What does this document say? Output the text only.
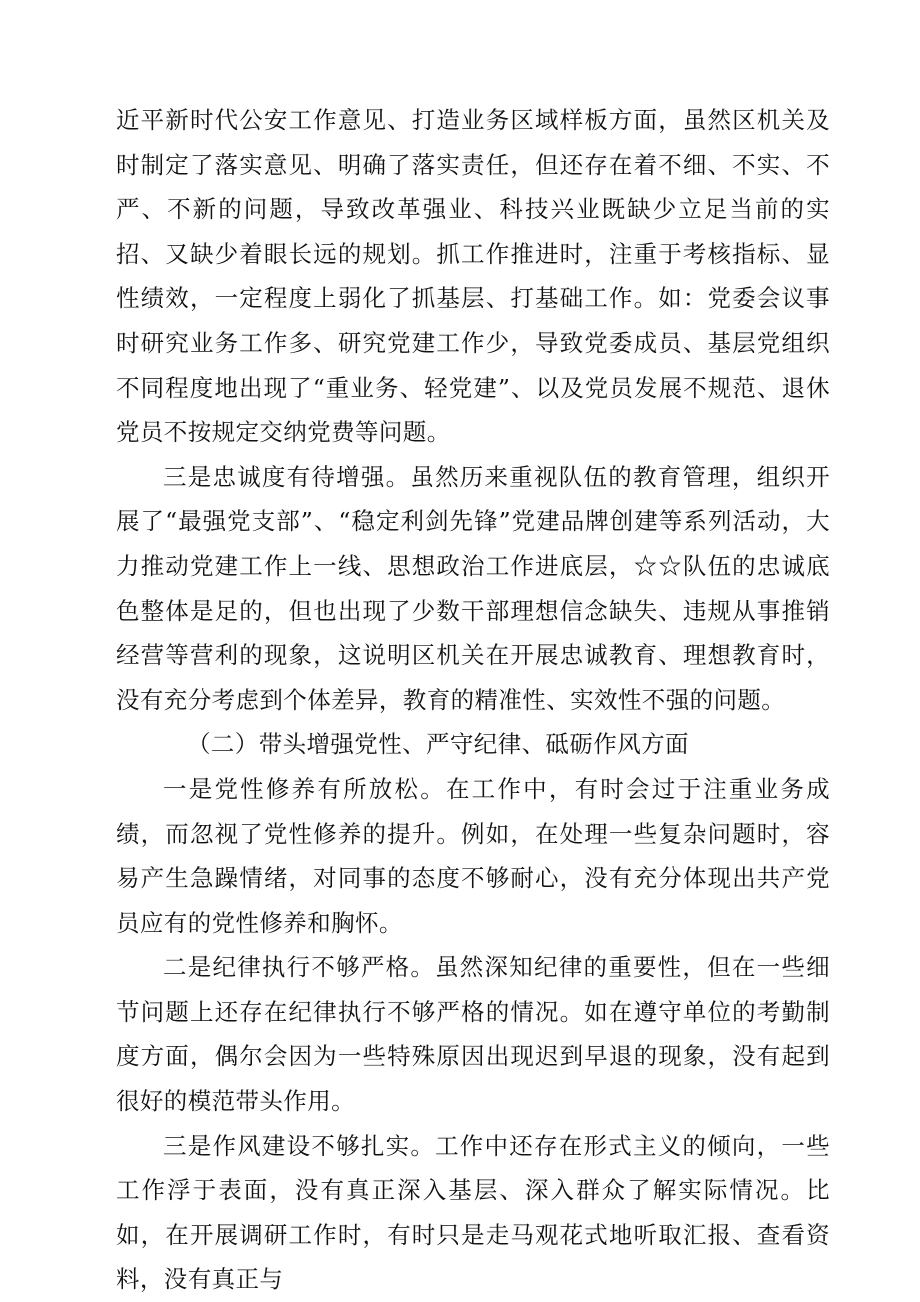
近平新时代公安工作意见、打造业务区域样板方面，虽然区机关及时制定了落实意见、明确了落实责任，但还存在着不细、不实、不严、不新的问题，导致改革强业、科技兴业既缺少立足当前的实招、又缺少着眼长远的规划。抓工作推进时，注重于考核指标、显性绩效，一定程度上弱化了抓基层、打基础工作。如：党委会议事时研究业务工作多、研究党建工作少，导致党委成员、基层党组织不同程度地出现了“重业务、轻党建”、以及党员发展不规范、退休党员不按规定交纳党费等问题。

三是忠诚度有待增强。虽然历来重视队伍的教育管理，组织开展了“最强党支部”、“稳定利剑先锋”党建品牌创建等系列活动，大力推动党建工作上一线、思想政治工作进底层，☆☆队伍的忠诚底色整体是足的，但也出现了少数干部理想信念缺失、违规从事推销经营等营利的现象，这说明区机关在开展忠诚教育、理想教育时，没有充分考虑到个体差异，教育的精准性、实效性不强的问题。

（二）带头增强党性、严守纪律、砥砺作风方面

一是党性修养有所放松。在工作中，有时会过于注重业务成绩，而忽视了党性修养的提升。例如，在处理一些复杂问题时，容易产生急躁情绪，对同事的态度不够耐心，没有充分体现出共产党员应有的党性修养和胸怀。

二是纪律执行不够严格。虽然深知纪律的重要性，但在一些细节问题上还存在纪律执行不够严格的情况。如在遵守单位的考勤制度方面，偶尔会因为一些特殊原因出现迟到早退的现象，没有起到很好的模范带头作用。

三是作风建设不够扎实。工作中还存在形式主义的倾向，一些工作浮于表面，没有真正深入基层、深入群众了解实际情况。比如，在开展调研工作时，有时只是走马观花式地听取汇报、查看资料，没有真正与
